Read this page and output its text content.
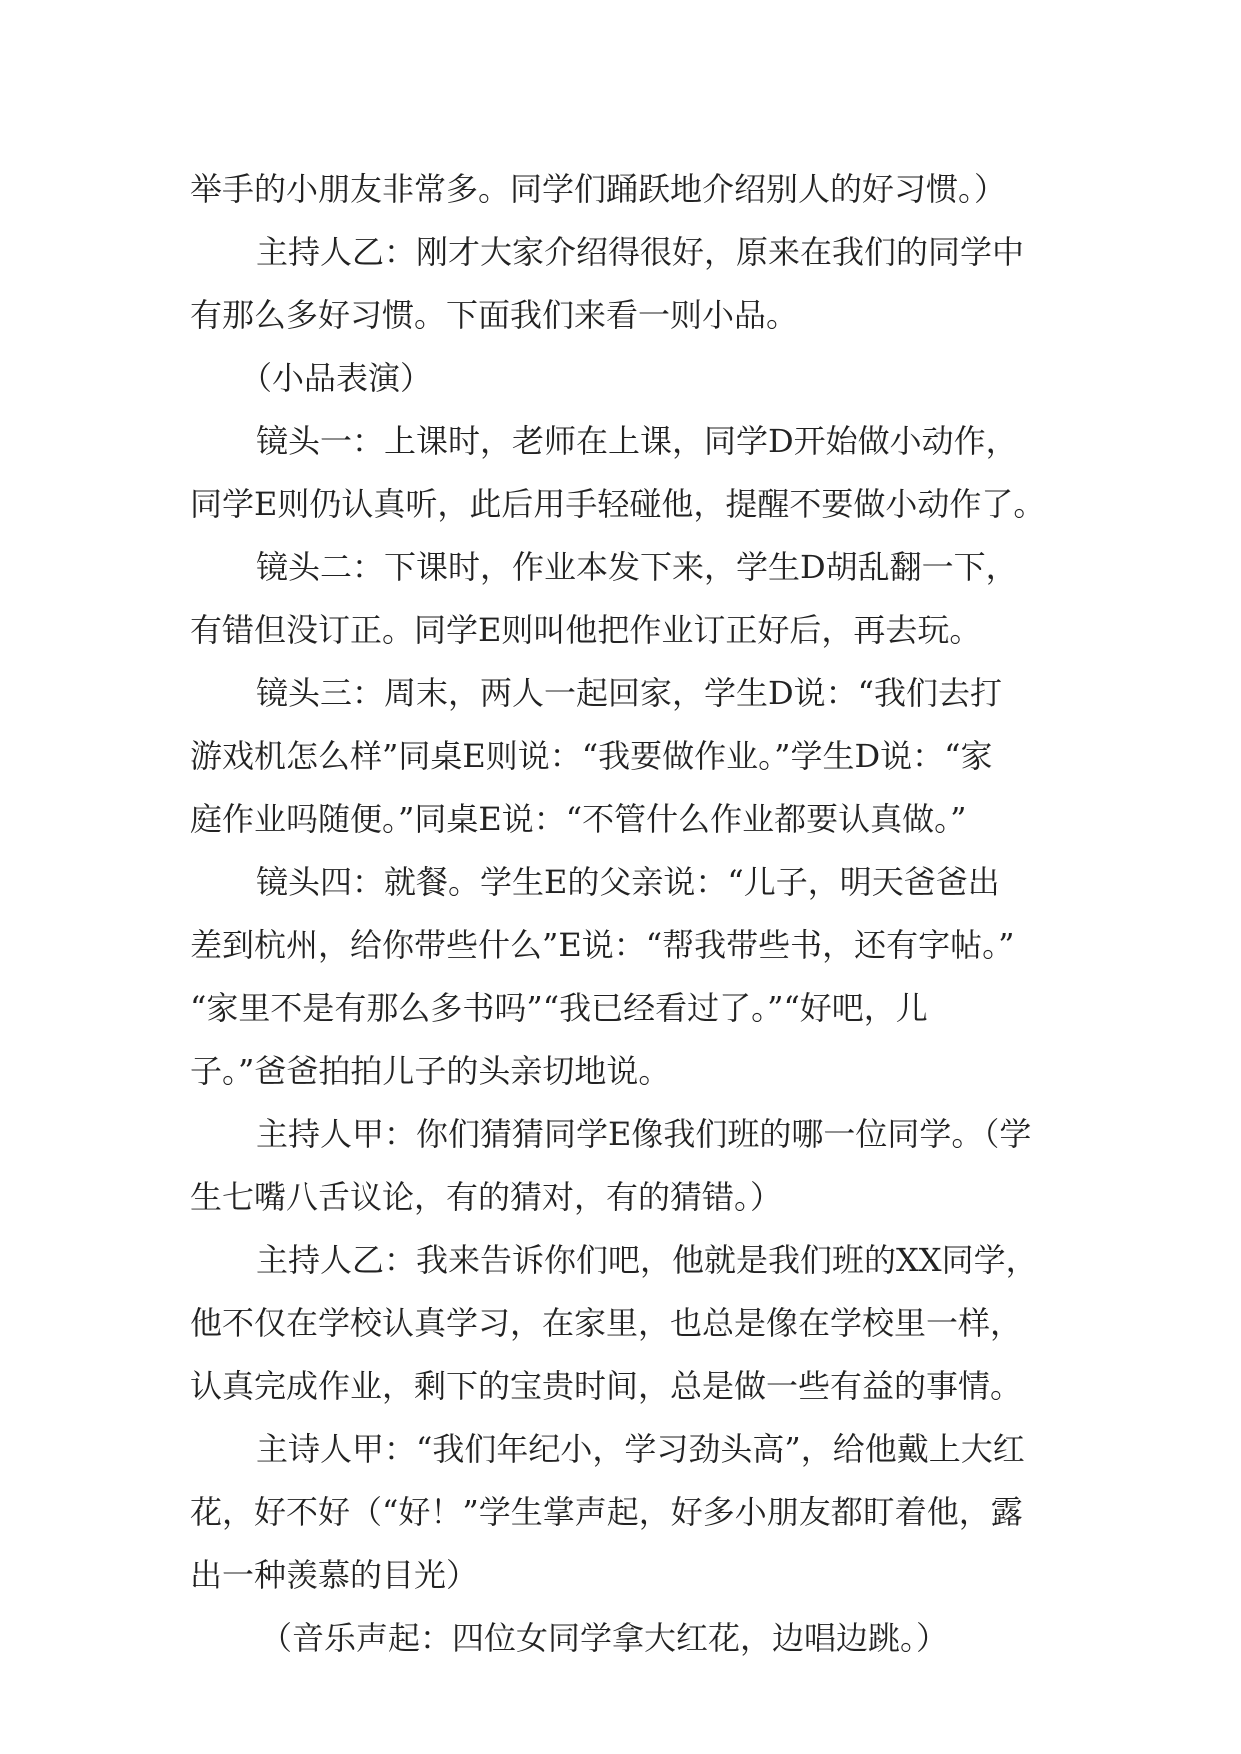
举手的小朋友非常多。同学们踊跃地介绍别人的好习惯。）
主持人乙：刚才大家介绍得很好，原来在我们的同学中
有那么多好习惯。下面我们来看一则小品。
（小品表演）
镜头一：上课时，老师在上课，同学D开始做小动作，
同学E则仍认真听，此后用手轻碰他，提醒不要做小动作了。
镜头二：下课时，作业本发下来，学生D胡乱翻一下，
有错但没订正。同学E则叫他把作业订正好后，再去玩。
镜头三：周末，两人一起回家，学生D说：“我们去打
游戏机怎么样”同桌E则说：“我要做作业。”学生D说：“家
庭作业吗随便。”同桌E说：“不管什么作业都要认真做。”
镜头四：就餐。学生E的父亲说：“儿子，明天爸爸出
差到杭州，给你带些什么”E说：“帮我带些书，还有字帖。”
“家里不是有那么多书吗”“我已经看过了。”“好吧，儿
子。”爸爸拍拍儿子的头亲切地说。
主持人甲：你们猜猜同学E像我们班的哪一位同学。（学
生七嘴八舌议论，有的猜对，有的猜错。）
主持人乙：我来告诉你们吧，他就是我们班的XX同学，
他不仅在学校认真学习，在家里，也总是像在学校里一样，
认真完成作业，剩下的宝贵时间，总是做一些有益的事情。
主诗人甲：“我们年纪小，学习劲头高”，给他戴上大红
花，好不好（“好！”学生掌声起，好多小朋友都盯着他，露
出一种羡慕的目光）
（音乐声起：四位女同学拿大红花，边唱边跳。）
